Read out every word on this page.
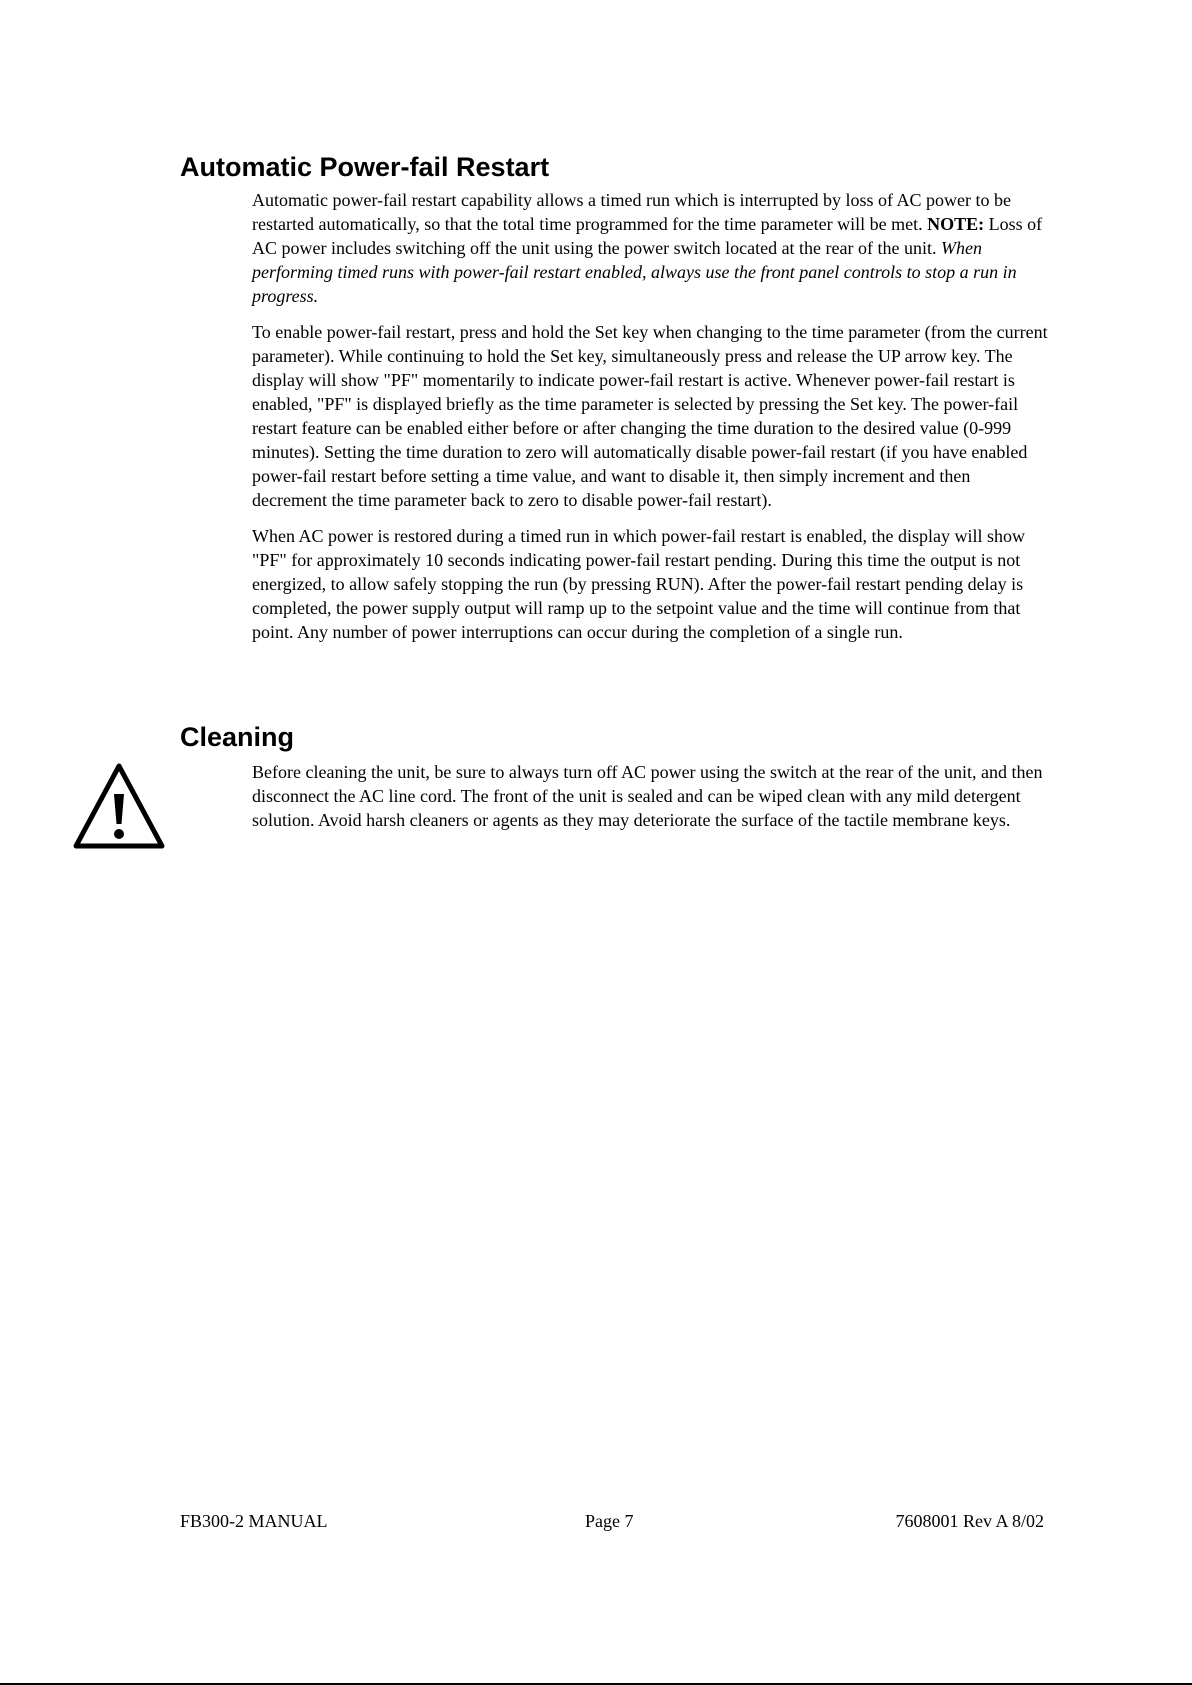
Automatic Power-fail Restart

Automatic power-fail restart capability allows a timed run which is interrupted by loss of AC power to be restarted automatically, so that the total time programmed for the time parameter will be met. NOTE: Loss of AC power includes switching off the unit using the power switch located at the rear of the unit. When performing timed runs with power-fail restart enabled, always use the front panel controls to stop a run in progress.

To enable power-fail restart, press and hold the Set key when changing to the time parameter (from the current parameter). While continuing to hold the Set key, simultaneously press and release the UP arrow key. The display will show "PF" momentarily to indicate power-fail restart is active. Whenever power-fail restart is enabled, "PF" is displayed briefly as the time parameter is selected by pressing the Set key. The power-fail restart feature can be enabled either before or after changing the time duration to the desired value (0-999 minutes). Setting the time duration to zero will automatically disable power-fail restart (if you have enabled power-fail restart before setting a time value, and want to disable it, then simply increment and then decrement the time parameter back to zero to disable power-fail restart).

When AC power is restored during a timed run in which power-fail restart is enabled, the display will show "PF" for approximately 10 seconds indicating power-fail restart pending. During this time the output is not energized, to allow safely stopping the run (by pressing RUN). After the power-fail restart pending delay is completed, the power supply output will ramp up to the setpoint value and the time will continue from that point. Any number of power interruptions can occur during the completion of a single run.

Cleaning

Before cleaning the unit, be sure to always turn off AC power using the switch at the rear of the unit, and then disconnect the AC line cord. The front of the unit is sealed and can be wiped clean with any mild detergent solution. Avoid harsh cleaners or agents as they may deteriorate the surface of the tactile membrane keys.

FB300-2 MANUAL	Page 7	7608001 Rev A 8/02
